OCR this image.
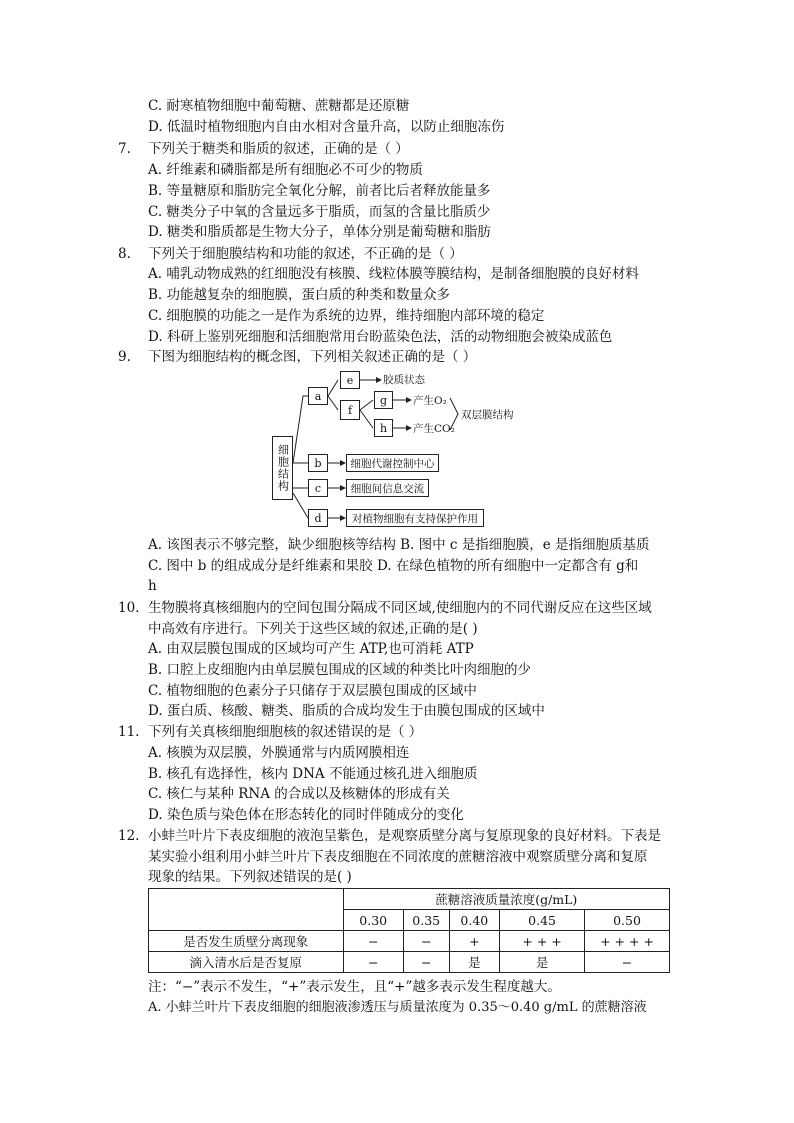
C. 耐寒植物细胞中葡萄糖、蔗糖都是还原糖
D. 低温时植物细胞内自由水相对含量升高，以防止细胞冻伤
7. 下列关于糖类和脂质的叙述，正确的是（ ）
A. 纤维素和磷脂都是所有细胞必不可少的物质
B. 等量糖原和脂肪完全氧化分解，前者比后者释放能量多
C. 糖类分子中氧的含量远多于脂质，而氢的含量比脂质少
D. 糖类和脂质都是生物大分子，单体分别是葡萄糖和脂肪
8. 下列关于细胞膜结构和功能的叙述，不正确的是（ ）
A. 哺乳动物成熟的红细胞没有核膜、线粒体膜等膜结构，是制备细胞膜的良好材料
B. 功能越复杂的细胞膜，蛋白质的种类和数量众多
C. 细胞膜的功能之一是作为系统的边界，维持细胞内部环境的稳定
D. 科研上鉴别死细胞和活细胞常用台盼蓝染色法，活的动物细胞会被染成蓝色
9. 下图为细胞结构的概念图，下列相关叙述正确的是（ ）
细胞结构
a
b
c
d
e
f
g
h
胶质状态
产生O₂
产生CO₂
双层膜结构
细胞代谢控制中心
细胞间信息交流
对植物细胞有支持保护作用
A. 该图表示不够完整，缺少细胞核等结构 B. 图中 c 是指细胞膜，e 是指细胞质基质
C. 图中 b 的组成成分是纤维素和果胶 D. 在绿色植物的所有细胞中一定都含有 g和
h
10. 生物膜将真核细胞内的空间包围分隔成不同区域,使细胞内的不同代谢反应在这些区域
中高效有序进行。下列关于这些区域的叙述,正确的是( )
A. 由双层膜包围成的区域均可产生 ATP,也可消耗 ATP
B. 口腔上皮细胞内由单层膜包围成的区域的种类比叶肉细胞的少
C. 植物细胞的色素分子只储存于双层膜包围成的区域中
D. 蛋白质、核酸、糖类、脂质的合成均发生于由膜包围成的区域中
11. 下列有关真核细胞细胞核的叙述错误的是（ ）
A. 核膜为双层膜，外膜通常与内质网膜相连
B. 核孔有选择性，核内 DNA 不能通过核孔进入细胞质
C. 核仁与某种 RNA 的合成以及核糖体的形成有关
D. 染色质与染色体在形态转化的同时伴随成分的变化
12. 小蚌兰叶片下表皮细胞的液泡呈紫色，是观察质壁分离与复原现象的良好材料。下表是
某实验小组利用小蚌兰叶片下表皮细胞在不同浓度的蔗糖溶液中观察质壁分离和复原
现象的结果。下列叙述错误的是( )
	蔗糖溶液质量浓度(g/mL)				
	0.30	0.35	0.40	0.45	0.50
是否发生质壁分离现象	−	−	+	+ + +	+ + + +
滴入清水后是否复原	−	−	是	是	−
注：“−”表示不发生，“+”表示发生，且“+”越多表示发生程度越大。
A. 小蚌兰叶片下表皮细胞的细胞液渗透压与质量浓度为 0.35～0.40 g/mL 的蔗糖溶液
